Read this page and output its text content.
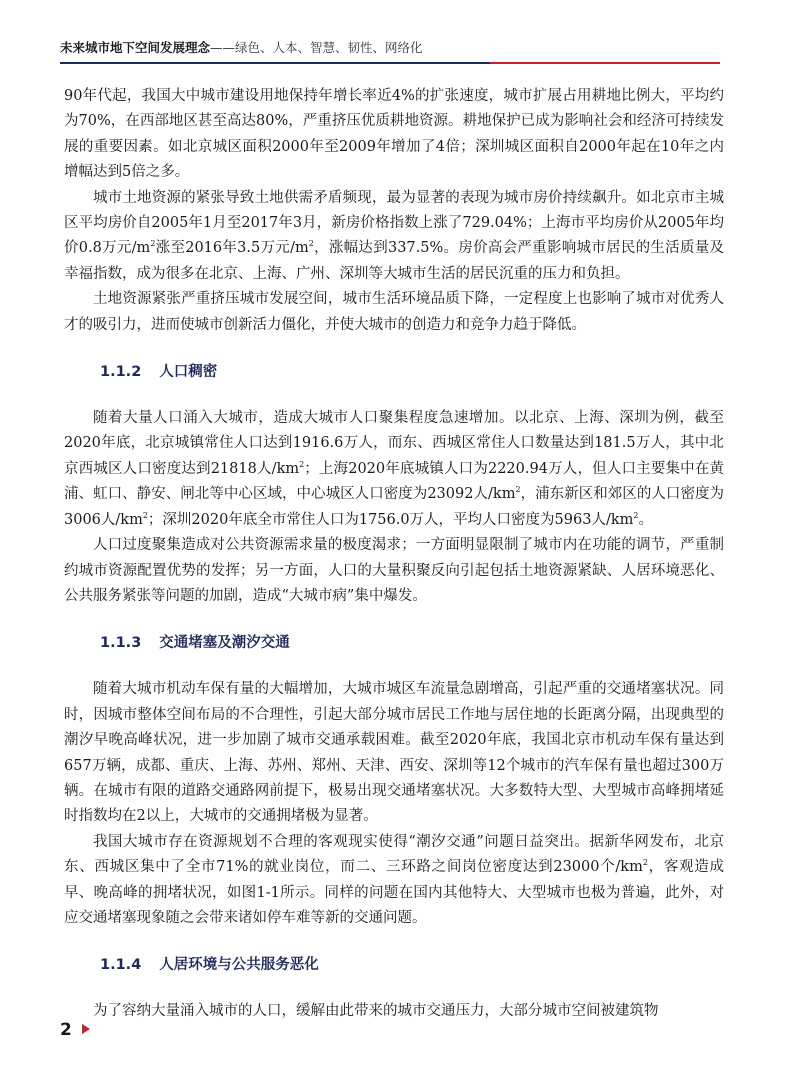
未来城市地下空间发展理念——绿色、人本、智慧、韧性、网络化

90年代起，我国大中城市建设用地保持年增长率近4%的扩张速度，城市扩展占用耕地比例大，平均约为70%，在西部地区甚至高达80%，严重挤压优质耕地资源。耕地保护已成为影响社会和经济可持续发展的重要因素。如北京城区面积2000年至2009年增加了4倍；深圳城区面积自2000年起在10年之内增幅达到5倍之多。

城市土地资源的紧张导致土地供需矛盾频现，最为显著的表现为城市房价持续飙升。如北京市主城区平均房价自2005年1月至2017年3月，新房价格指数上涨了729.04%；上海市平均房价从2005年均价0.8万元$/m^2$涨至2016年3.5万元$/m^2$，涨幅达到337.5%。房价高会严重影响城市居民的生活质量及幸福指数，成为很多在北京、上海、广州、深圳等大城市生活的居民沉重的压力和负担。

土地资源紧张严重挤压城市发展空间，城市生活环境品质下降，一定程度上也影响了城市对优秀人才的吸引力，进而使城市创新活力僵化，并使大城市的创造力和竞争力趋于降低。

1.1.2 人口稠密

随着大量人口涌入大城市，造成大城市人口聚集程度急速增加。以北京、上海、深圳为例，截至2020年底，北京城镇常住人口达到1916.6万人，而东、西城区常住人口数量达到181.5万人，其中北京西城区人口密度达到21818人$/km^2$；上海2020年底城镇人口为2220.94万人，但人口主要集中在黄浦、虹口、静安、闸北等中心区域，中心城区人口密度为23092人$/km^2$，浦东新区和郊区的人口密度为3006人$/km^2$；深圳2020年底全市常住人口为1756.0万人，平均人口密度为5963人$/km^2$。

人口过度聚集造成对公共资源需求量的极度渴求；一方面明显限制了城市内在功能的调节，严重制约城市资源配置优势的发挥；另一方面，人口的大量积聚反向引起包括土地资源紧缺、人居环境恶化、公共服务紧张等问题的加剧，造成“大城市病”集中爆发。

1.1.3 交通堵塞及潮汐交通

随着大城市机动车保有量的大幅增加，大城市城区车流量急剧增高，引起严重的交通堵塞状况。同时，因城市整体空间布局的不合理性，引起大部分城市居民工作地与居住地的长距离分隔，出现典型的潮汐早晚高峰状况，进一步加剧了城市交通承载困难。截至2020年底，我国北京市机动车保有量达到657万辆，成都、重庆、上海、苏州、郑州、天津、西安、深圳等12个城市的汽车保有量也超过300万辆。在城市有限的道路交通路网前提下，极易出现交通堵塞状况。大多数特大型、大型城市高峰拥堵延时指数均在2以上，大城市的交通拥堵极为显著。

我国大城市存在资源规划不合理的客观现实使得“潮汐交通”问题日益突出。据新华网发布，北京东、西城区集中了全市71%的就业岗位，而二、三环路之间岗位密度达到23000个$/km^2$，客观造成早、晚高峰的拥堵状况，如图1-1所示。同样的问题在国内其他特大、大型城市也极为普遍，此外，对应交通堵塞现象随之会带来诸如停车难等新的交通问题。

1.1.4 人居环境与公共服务恶化

为了容纳大量涌入城市的人口，缓解由此带来的城市交通压力，大部分城市空间被建筑物

2
